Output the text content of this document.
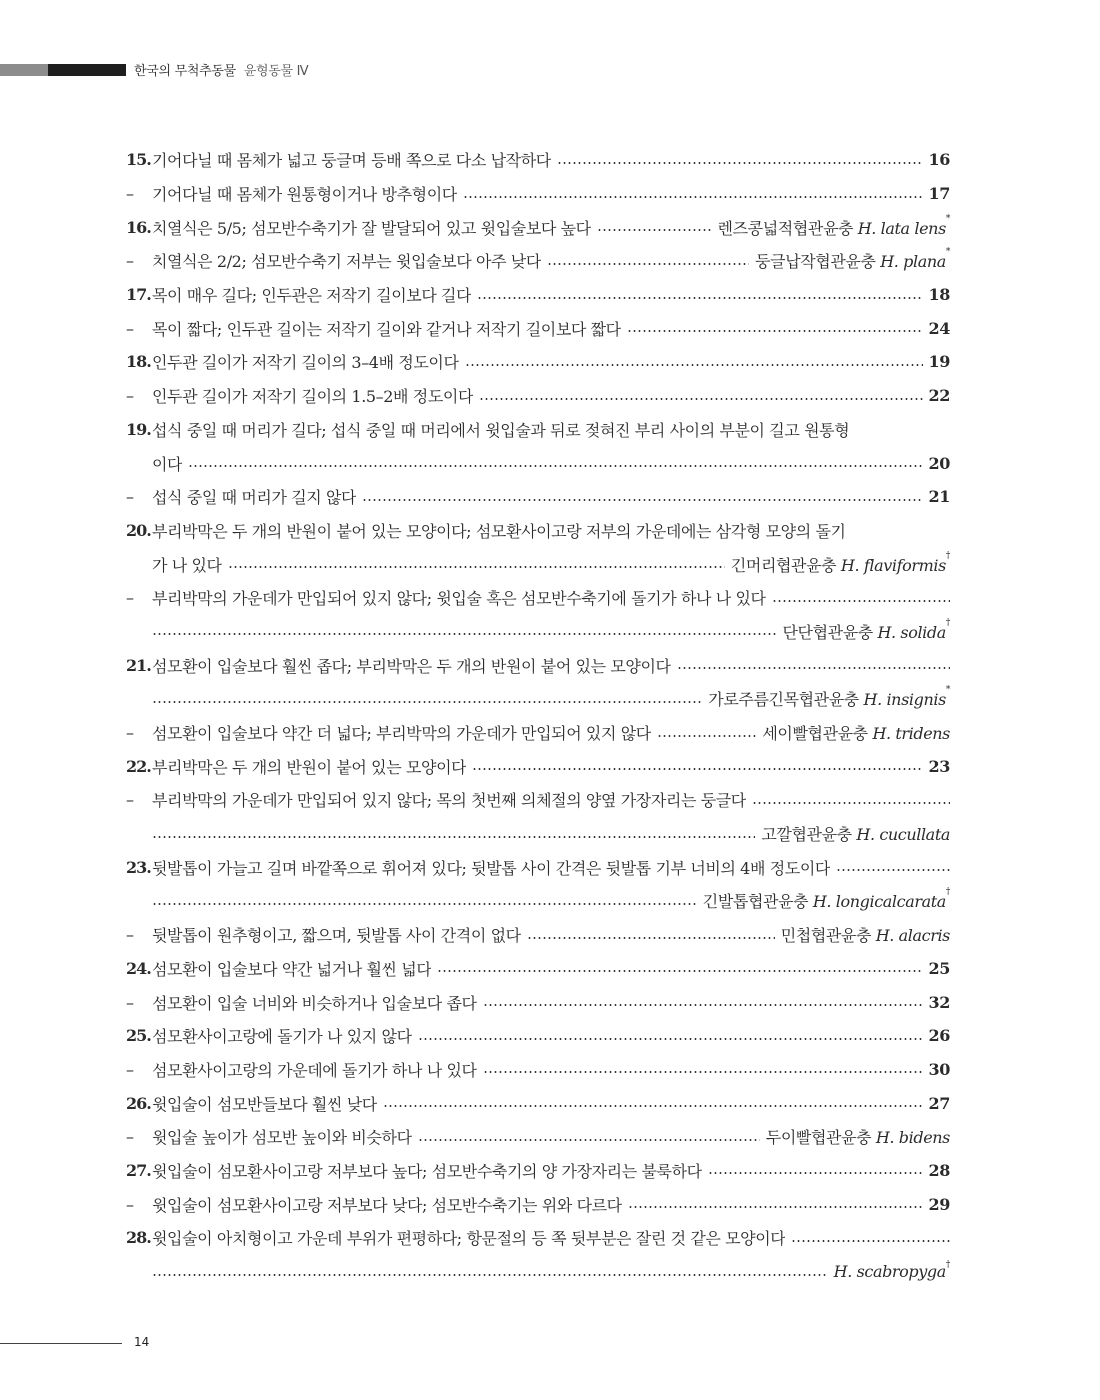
한국의 무척추동물 윤형동물 Ⅳ
15. 기어다닐 때 몸체가 넓고 둥글며 등배 쪽으로 다소 납작하다	16
–	기어다닐 때 몸체가 원통형이거나 방추형이다	17
16. 치열식은 5/5; 섬모반수축기가 잘 발달되어 있고 윗입술보다 높다	렌즈콩넓적협관윤충 H. lata lens*
–	치열식은 2/2; 섬모반수축기 저부는 윗입술보다 아주 낮다	둥글납작협관윤충 H. plana*
17. 목이 매우 길다; 인두관은 저작기 길이보다 길다	18
–	목이 짧다; 인두관 길이는 저작기 길이와 같거나 저작기 길이보다 짧다	24
18. 인두관 길이가 저작기 길이의 3–4배 정도이다	19
–	인두관 길이가 저작기 길이의 1.5–2배 정도이다	22
19. 섭식 중일 때 머리가 길다; 섭식 중일 때 머리에서 윗입술과 뒤로 젖혀진 부리 사이의 부분이 길고 원통형
이다	20
–	섭식 중일 때 머리가 길지 않다	21
20. 부리박막은 두 개의 반원이 붙어 있는 모양이다; 섬모환사이고랑 저부의 가운데에는 삼각형 모양의 돌기
가 나 있다	긴머리협관윤충 H. flaviformis†
–	부리박막의 가운데가 만입되어 있지 않다; 윗입술 혹은 섬모반수축기에 돌기가 하나 나 있다
단단협관윤충 H. solida†
21. 섬모환이 입술보다 훨씬 좁다; 부리박막은 두 개의 반원이 붙어 있는 모양이다
가로주름긴목협관윤충 H. insignis*
–	섬모환이 입술보다 약간 더 넓다; 부리박막의 가운데가 만입되어 있지 않다	세이빨협관윤충 H. tridens
22. 부리박막은 두 개의 반원이 붙어 있는 모양이다	23
–	부리박막의 가운데가 만입되어 있지 않다; 목의 첫번째 의체절의 양옆 가장자리는 둥글다
고깔협관윤충 H. cucullata
23. 뒷발톱이 가늘고 길며 바깥쪽으로 휘어져 있다; 뒷발톱 사이 간격은 뒷발톱 기부 너비의 4배 정도이다
긴발톱협관윤충 H. longicalcarata†
–	뒷발톱이 원추형이고, 짧으며, 뒷발톱 사이 간격이 없다	민첩협관윤충 H. alacris
24. 섬모환이 입술보다 약간 넓거나 훨씬 넓다	25
–	섬모환이 입술 너비와 비슷하거나 입술보다 좁다	32
25. 섬모환사이고랑에 돌기가 나 있지 않다	26
–	섬모환사이고랑의 가운데에 돌기가 하나 나 있다	30
26. 윗입술이 섬모반들보다 훨씬 낮다	27
–	윗입술 높이가 섬모반 높이와 비슷하다	두이빨협관윤충 H. bidens
27. 윗입술이 섬모환사이고랑 저부보다 높다; 섬모반수축기의 양 가장자리는 불룩하다	28
–	윗입술이 섬모환사이고랑 저부보다 낮다; 섬모반수축기는 위와 다르다	29
28. 윗입술이 아치형이고 가운데 부위가 편평하다; 항문절의 등 쪽 뒷부분은 잘린 것 같은 모양이다
H. scabropyga†
14
